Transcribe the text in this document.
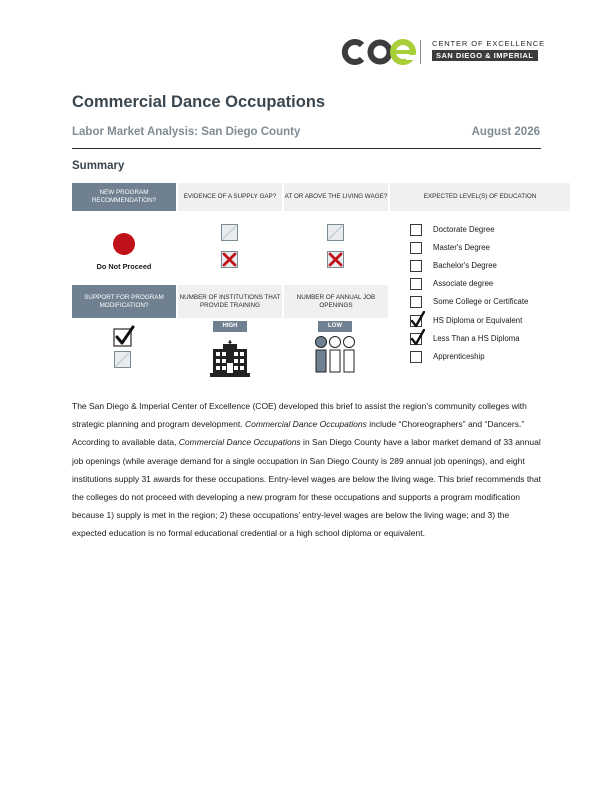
CENTER OF EXCELLENCE
SAN DIEGO & IMPERIAL
Commercial Dance Occupations
Labor Market Analysis: San Diego County	August 2026
Summary
NEW PROGRAM RECOMMENDATION?
EVIDENCE OF A SUPPLY GAP?	AT OR ABOVE THE LIVING WAGE?	EXPECTED LEVEL(S) OF EDUCATION
Do Not Proceed
SUPPORT FOR PROGRAM MODIFICATION?
NUMBER OF INSTITUTIONS THAT PROVIDE TRAINING
NUMBER OF ANNUAL JOB OPENINGS
HIGH	LOW
Doctorate Degree
Master's Degree
Bachelor's Degree
Associate degree
Some College or Certificate
HS Diploma or Equivalent
Less Than a HS Diploma
Apprenticeship
The San Diego & Imperial Center of Excellence (COE) developed this brief to assist the region’s community colleges with strategic planning and program development. Commercial Dance Occupations include “Choreographers” and “Dancers.” According to available data, Commercial Dance Occupations in San Diego County have a labor market demand of 33 annual job openings (while average demand for a single occupation in San Diego County is 289 annual job openings), and eight institutions supply 31 awards for these occupations. Entry-level wages are below the living wage. This brief recommends that the colleges do not proceed with developing a new program for these occupations and supports a program modification because 1) supply is met in the region; 2) these occupations’ entry-level wages are below the living wage; and 3) the expected education is no formal educational credential or a high school diploma or equivalent.
